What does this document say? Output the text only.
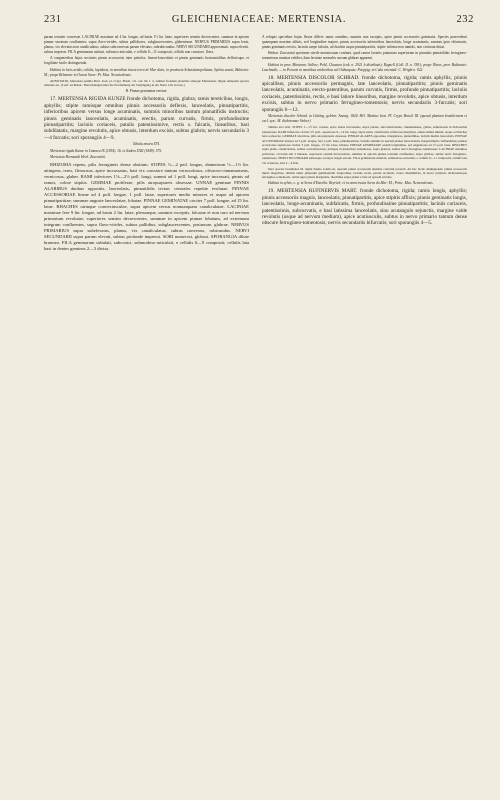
231	GLEICHENIACEAE: MERTENSIA.	232

parum tenuiter convexae. LACINIAE maximae ad 4 lin. longae, ad basin 1½ lin. latae, superiores sensim decrescentes, summae in apicem pinnae serratum confluentes, supra flavo-virides, subtus pallidiores, subglaucescentes, glaberrimae. NERVUS PRIMARIUS supra lenis, planus, vix elevatus non canaliculatus, subtus subconvexus parum elevatus, subrubicundus. NERVI SECUNDARII approximati, supra elevati, subtus impressi. FILA geminarum subtusi, subtusso-articulati, e cellulis 8—11 compositi, cellulis non crassiore, flava.

A congeneribus hujus sectionis pinnis accessoriis inter petiolos, lineari-lanceolatis et pinnis geminatis horizontalibus deflexisque, et fragilitate facile distinguenda.

Habitat in locis aridis, calidis, lapidosis, in montibus tractu terra de Mar dicto, in provincia Sebastianopolitana, Spiritu sancti, Bahiensi: M.; prope Belmonte in Ocassi litore: Pr. Max. Neuwiedensis.

ADNOTATIO. Mertensia pumila Mart. Icon. pl. Crypt. Brasil. 111. tab. 60. f. 2, exhibet frondem juveniles aliasque Mertensiae, lingue tamquam species debendo est. (Conf. Al.Braun : Betrachtungen über die Erscheinung der Verjüngung in der Natur 129, in nota.)

B. Pinnae geminatae erectae.

17. MERTENSIA RIGIDA KUNZE fronde dichotoma, rigida, glabra; ramis tereticibus, longis, aphyllis; stipite ramisque omnibus pinnis accessoriis deflexis, lanceolatis, pinnatipartitis, inferioribus apicem versus longe acuminatis, summis minoribus tantum pinnatifidis instructis; pinnis geminatis lanceolatis, acuminatis, erectis, parum curvatis, firmis, profundissime pinnatipartitis; laciniis coriaceis, patulis patentissimive, rectis s. falcatis, linearibus, basi subdilatatis, margine revolutis, apice obtusis, interdum excisis, subtus glabris; nervis secundariis 3—4 furcatis; sori sporangiis 4—9.

Tabula nostra XVI.

Mertensia rigida Kunze in Linnaea IX (1834). 16. et ibidem XXII (1849). 575.

Mertensia Hermandi Herb. Zuccarinii.

RHIZOMA repens, pilis ferrugineis dense obsitum. STIPES ⅓—2 ped. longus, diametrum ⅓—1½ lin. attingens, teres, flexuosus, apice incrassatus, basi vix crassiore tantum verrucolosus, olivaceo-cinnamomeus, vernicosus, glaber. RAMI inferiores 1⅛—2⅓ poll. longi, summi ad 1 poll. longi, apice incrassati, pinnis ad ramos, colore stipitis. GEMMAE proliferae, pilis atropurpureis obsessae. UNNAE geminae PINNIS ALARIBUS duobus oppositis, lanceolatis, pinnatifidis tectae; centrales repetite evolutae. PINNAE ACCESSORIAE lineae ad 4 poll. longae, 1 poll. latae, superiores medio minores et usque ad apicem pinnatipartitae; summae anguste lanceolatae, lobatae. PINNAE GEMINATAE circiter 7 poll. longae, ad 15 lin. latae. RHACHES utrinque convexiusculae, supra apicem versus nonnunquam canaliculatae. LACINIAE maximae fere 9 lin. longae, ad basin 2 lin. latae, plerumque, summis exceptis, falcatae et non raro ad nervum primarium revolutae, superiores sensim decrescentes, summae in apicem pinnae lobatum, ad extremum integrum confluentes, supra flavo-virides, subtus pallidius, subglaucescentes, pruinosae, glabrae. NERVUS PRIMARIUS supra subelevatus, planus, vix canaliculatus, subtus convexus, rubicundus. NERVI SECUNDARII supra parum elevati, subtus profunde impressi. SORI numerosi, globosi. SPORANGIA dilute brunnea. FILA gemmarum subulati, subconici, submodoso-articulati, e cellulis 6—9 compositi; cellulis lata basi in dentes geminos 2—3 divisa.

A reliquis speciebus hujus flexae differt: ramis omnibus, summis non exceptis, apice pinnis accessoriis geminatis. Species praecedenti quamquam maxime affinis, sed longitudine majore, pinnis accessoriis inferioribus lanceolatis, longe acuminatis, summis ipsis efformatis, pinnis geminatis erectis, laciniis saepe falcatis, ad rhachin usque pinnatipartitis, stipite infirmo non tumido, non circinata distat.

Herbar. Zuccarinii specimen sterile monstrosum continet, quod ramos laciniis pinnarum superiorum in pinnulas pinnatifidas ferrugineo-tomentosas mutatas exhibet, dum laciniae normales sursum glabrae apparent.

Habitat in prov. Minarum: Sellow; Pohl, Claussen (coh. n. 2921 b distribute); Regnell (Coll. II. n. 338.); prope Ilheos, prov. Bahiensis: Luschnath; — in Peruvia in montibus aridioribus ad Chihuapaia: Poeppig; in Cuba orientali: C. Wright n. 922.

18. MERTENSIA DISCOLOR SCHRAD. fronde dichotoma, rigida; ramis aphyllis, pinnis apicalibus; pinnis accessoriis permagnis, late lanceolatis, pinnatipartitis; pinnis geminatis lanceolatis, acuminatis, erecto-patentibus, parum curvatis, firmis, profunde pinnatipartitis; laciniis coriaceis, patentissimis, rectis, e basi latiore linearibus, margine revolutis, apice obtusis, interdum excisis, subtus in nervo primario ferrugineo-tomentosis; nervis secundariis 3-furcatis; sori sporangiis 6—12.

Mertensia discolor Schrad. in Götting. gelehrt. Anzeig. 1824. 863. Martius Icon. Pl. Crypt. Brasil. III. (quoad plantam brasiliensem et excl. syn.: M. dichotomae Sieber.)

Similes tota visti. STIPES 1—1½ lin. crassus, apice elatus incrassatus, supra planus, subcanaliculatus, cinnamomeus, glaber, subnodosus in dichotomia tomentosus. RAMI inferiores circiter 2½ poll., superiores 9—12 lin. longi, supra plani, canaliculati, inferiores marginati, omnes minus minuti, neque ad rhaches ferro-rubescite. GEMMAE abortivae, pilis atropurpureis obsessae. PINNAE ALARES oppositae, triangulares, pinnatifidae, laciniis mediis lanceolatis. PINNAE ACCESSORIAE latiores ad 5 poll. longae, fere 2 poll. latae, pinnatipartitae, laciniis summis in apicem pinnae lanceolatum, integerrimum confluentibus; pinnae accessoriae superiores circiter 3 poll. longae, 1½ lin. latae, lobatae. PINNAE GEMINATAE eadem longitudine, sed angustiores ad 1½ poll. latae. RHACHES supra plane, canaliculatae, subtus convexiusculae, utrinque in junioribus tomentosae, supra glabrae, subtus nervi ferrugineo-tomentosae. LACINIAE maximae pollicares, ad basin sub 2 lineatae, superiores sensim decrescentes, summae in apicem pinnae lobatum confluentes, supra glabrae, subtus nervi ferrugineo-tomentosae. NERVI SECUNDARII subtusque ad supra magis elevati. FILA gemmarum subulati, submodoso-articulati, e cellulis 8—11 compositi; cellulis lata vix crassiore, basi 2—3-fida.

Inter species brasilianas M. rigida Kunze solam est, quacum pinnis accessoriis maxime convenit porrexit. Ab hac facile distinguenda: pinnis accessoriis multo majoribus, ultimis ramis pinnarum geminatarum longioribus, laciniis rectis, parum revolutis, cetera dissimilibus, in nervo primario dichotomioque ferrugineo-tomentosis, ramis supra planis marginatis, rhachibus supra planis e basi ad apicem sulcatis.

Habitat in sylvis; e. g. in Serra d'Estrella: Beyrich; et in omni tractu Serra do Mar: M.; Princ. Max. Neuwiedensis.

19. MERTENSIA RUFINERVIS MART. fronde dichotoma, rigida; ramis longis, aphyllis; pinnis accessoriis magnis, lanceolatis, pinnatipartitis, apice stipitis affixis; pinnis geminatis longis, lanceolatis, longe-acuminatis, subfalcatis, firmis, profundissime pinnatipartitis; laciniis coriaceis, patentissimis, subcurvatis, e basi latissima lanceolatis, sinu acutangulo sejunctis, margine valde revolutis (usque ad nervum medium), apice acutiusculis, subtus in nervo primario tantum dense obscure ferrugineo-tomentosis; nervis secundariis bifurcatis; sori sporangiis 4—5.
